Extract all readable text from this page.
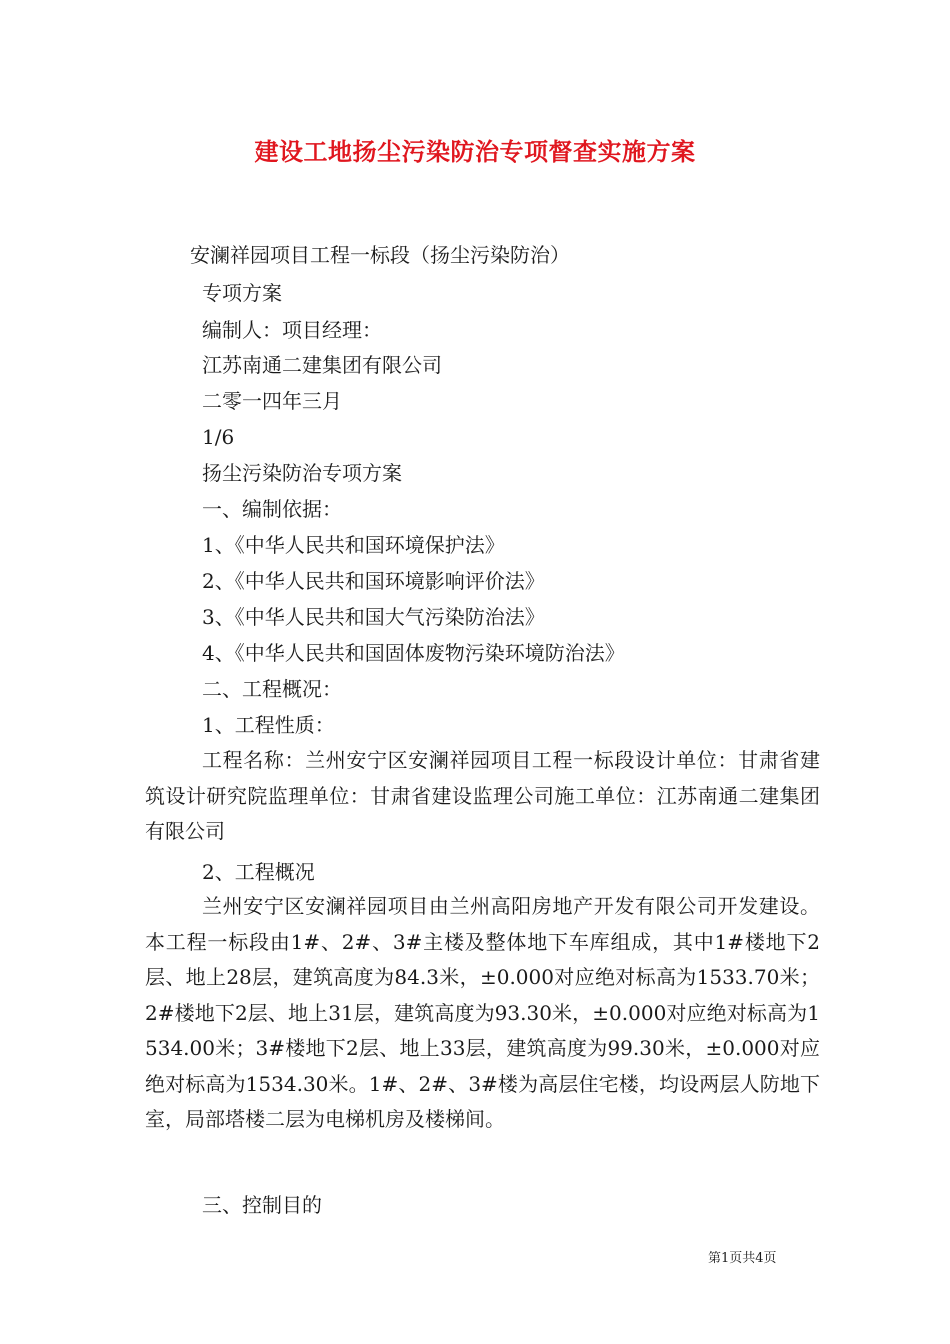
建设工地扬尘污染防治专项督查实施方案
安澜祥园项目工程一标段（扬尘污染防治）
专项方案
编制人：项目经理：
江苏南通二建集团有限公司
二零一四年三月
1/6
扬尘污染防治专项方案
一、编制依据：
1、《中华人民共和国环境保护法》
2、《中华人民共和国环境影响评价法》
3、《中华人民共和国大气污染防治法》
4、《中华人民共和国固体废物污染环境防治法》
二、工程概况：
1、工程性质：
工程名称：兰州安宁区安澜祥园项目工程一标段设计单位：甘肃省建筑设计研究院监理单位：甘肃省建设监理公司施工单位：江苏南通二建集团有限公司
2、工程概况
兰州安宁区安澜祥园项目由兰州高阳房地产开发有限公司开发建设。本工程一标段由1#、2#、3#主楼及整体地下车库组成，其中1#楼地下2层、地上28层，建筑高度为84.3米，±0.000对应绝对标高为1533.70米；2#楼地下2层、地上31层，建筑高度为93.30米，±0.000对应绝对标高为1534.00米；3#楼地下2层、地上33层，建筑高度为99.30米，±0.000对应绝对标高为1534.30米。1#、2#、3#楼为高层住宅楼，均设两层人防地下室，局部塔楼二层为电梯机房及楼梯间。
三、控制目的
第1页共4页
